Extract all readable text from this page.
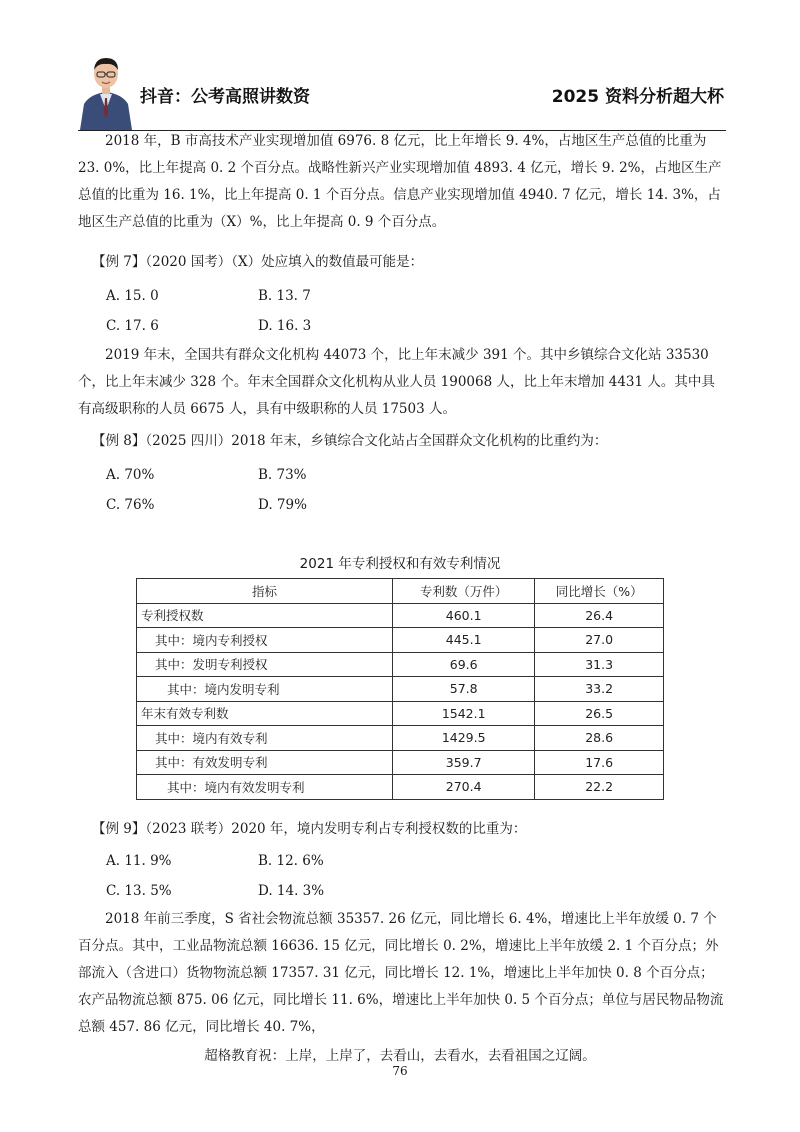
抖音：公考高照讲数资	2025 资料分析超大杯

2018 年，B 市高技术产业实现增加值 6976. 8 亿元，比上年增长 9. 4%，占地区生产总值的比重为 23. 0%，比上年提高 0. 2 个百分点。战略性新兴产业实现增加值 4893. 4 亿元，增长 9. 2%，占地区生产总值的比重为 16. 1%，比上年提高 0. 1 个百分点。信息产业实现增加值 4940. 7 亿元，增长 14. 3%，占地区生产总值的比重为（X）%，比上年提高 0. 9 个百分点。

【例 7】（2020 国考）（X）处应填入的数值最可能是：

A. 15. 0	B. 13. 7

C. 17. 6	D. 16. 3

2019 年末，全国共有群众文化机构 44073 个，比上年末减少 391 个。其中乡镇综合文化站 33530 个，比上年末减少 328 个。年末全国群众文化机构从业人员 190068 人，比上年末增加 4431 人。其中具有高级职称的人员 6675 人，具有中级职称的人员 17503 人。

【例 8】（2025 四川）2018 年末，乡镇综合文化站占全国群众文化机构的比重约为：

A. 70%	B. 73%

C. 76%	D. 79%

2021 年专利授权和有效专利情况
指标	专利数（万件）	同比增长（%）
专利授权数	460.1	26.4
其中：境内专利授权	445.1	27.0
其中：发明专利授权	69.6	31.3
其中：境内发明专利	57.8	33.2
年末有效专利数	1542.1	26.5
其中：境内有效专利	1429.5	28.6
其中：有效发明专利	359.7	17.6
其中：境内有效发明专利	270.4	22.2

【例 9】（2023 联考）2020 年，境内发明专利占专利授权数的比重为：

A. 11. 9%	B. 12. 6%

C. 13. 5%	D. 14. 3%

2018 年前三季度，S 省社会物流总额 35357. 26 亿元，同比增长 6. 4%，增速比上半年放缓 0. 7 个百分点。其中，工业品物流总额 16636. 15 亿元，同比增长 0. 2%，增速比上半年放缓 2. 1 个百分点；外部流入（含进口）货物物流总额 17357. 31 亿元，同比增长 12. 1%，增速比上半年加快 0. 8 个百分点；农产品物流总额 875. 06 亿元，同比增长 11. 6%，增速比上半年加快 0. 5 个百分点；单位与居民物品物流总额 457. 86 亿元，同比增长 40. 7%，

超格教育祝：上岸，上岸了，去看山，去看水，去看祖国之辽阔。
76
